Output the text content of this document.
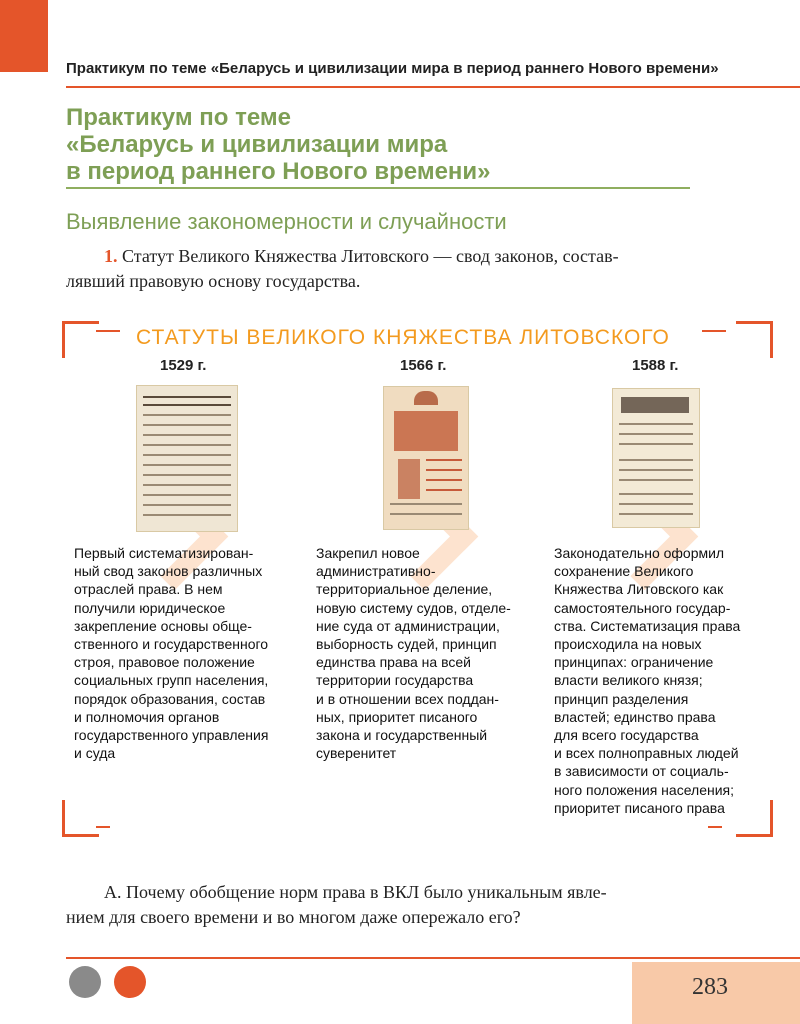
Практикум по теме «Беларусь и цивилизации мира в период раннего Нового времени»
Практикум по теме
«Беларусь и цивилизации мира
в период раннего Нового времени»
Выявление закономерности и случайности
1. Статут Великого Княжества Литовского — свод законов, состав-
лявший правовую основу государства.
СТАТУТЫ ВЕЛИКОГО КНЯЖЕСТВА ЛИТОВСКОГО
1529 г.	1566 г.	1588 г.
Первый систематизирован-
ный свод законов различных
отраслей права. В нем
получили юридическое
закрепление основы обще-
ственного и государственного
строя, правовое положение
социальных групп населения,
порядок образования, состав
и полномочия органов
государственного управления
и суда
Закрепил новое
административно-
территориальное деление,
новую систему судов, отделе-
ние суда от администрации,
выборность судей, принцип
единства права на всей
территории государства
и в отношении всех поддан-
ных, приоритет писаного
закона и государственный
суверенитет
Законодательно оформил
сохранение Великого
Княжества Литовского как
самостоятельного государ-
ства. Систематизация права
происходила на новых
принципах: ограничение
власти великого князя;
принцип разделения
властей; единство права
для всего государства
и всех полноправных людей
в зависимости от социаль-
ного положения населения;
приоритет писаного права
А. Почему обобщение норм права в ВКЛ было уникальным явле-
нием для своего времени и во многом даже опережало его?
283
